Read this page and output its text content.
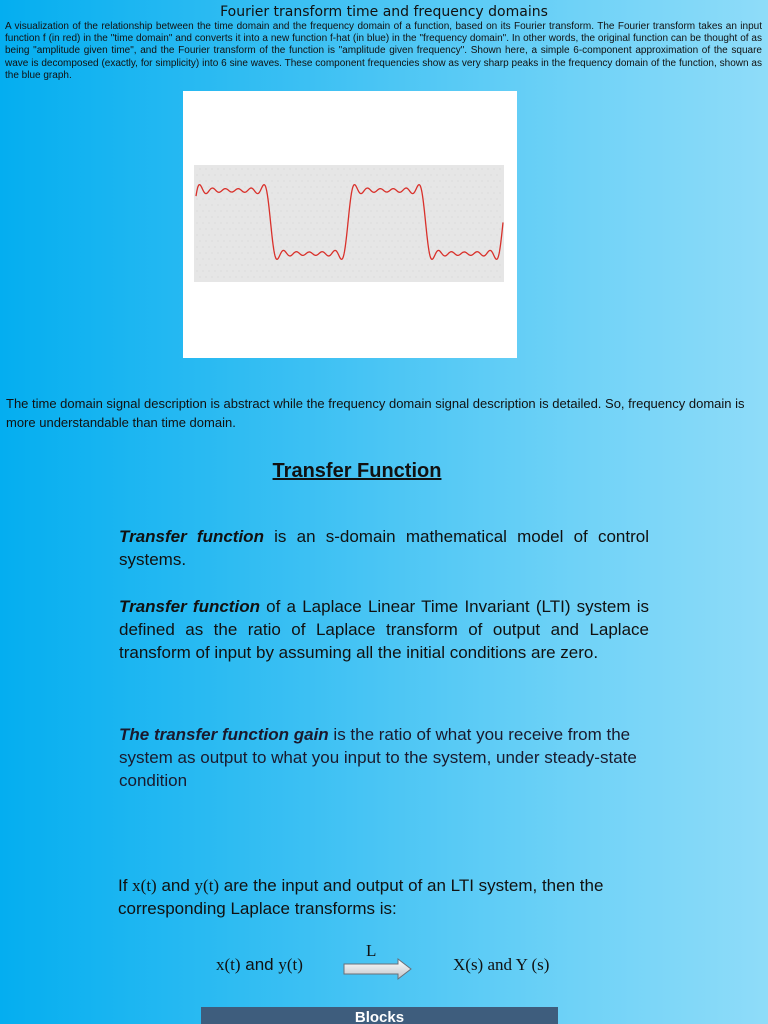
Fourier transform time and frequency domains
A visualization of the relationship between the time domain and the frequency domain of a function, based on its Fourier transform. The Fourier transform takes an input function f (in red) in the "time domain" and converts it into a new function f-hat (in blue) in the "frequency domain". In other words, the original function can be thought of as being "amplitude given time", and the Fourier transform of the function is "amplitude given frequency". Shown here, a simple 6-component approximation of the square wave is decomposed (exactly, for simplicity) into 6 sine waves. These component frequencies show as very sharp peaks in the frequency domain of the function, shown as the blue graph.
The time domain signal description is abstract while the frequency domain signal description is detailed. So, frequency domain is more understandable than time domain.
Transfer Function

Transfer function is an s-domain mathematical model of control systems.

Transfer function of a Laplace Linear Time Invariant (LTI) system is defined as the ratio of Laplace transform of output and Laplace transform of input by assuming all the initial conditions are zero.

The transfer function gain is the ratio of what you receive from the system as output to what you input to the system, under steady-state condition

If x(t) and y(t) are the input and output of an LTI system, then the corresponding Laplace transforms is:

x(t) and y(t)
L
X(s) and Y (s)
Blocks
